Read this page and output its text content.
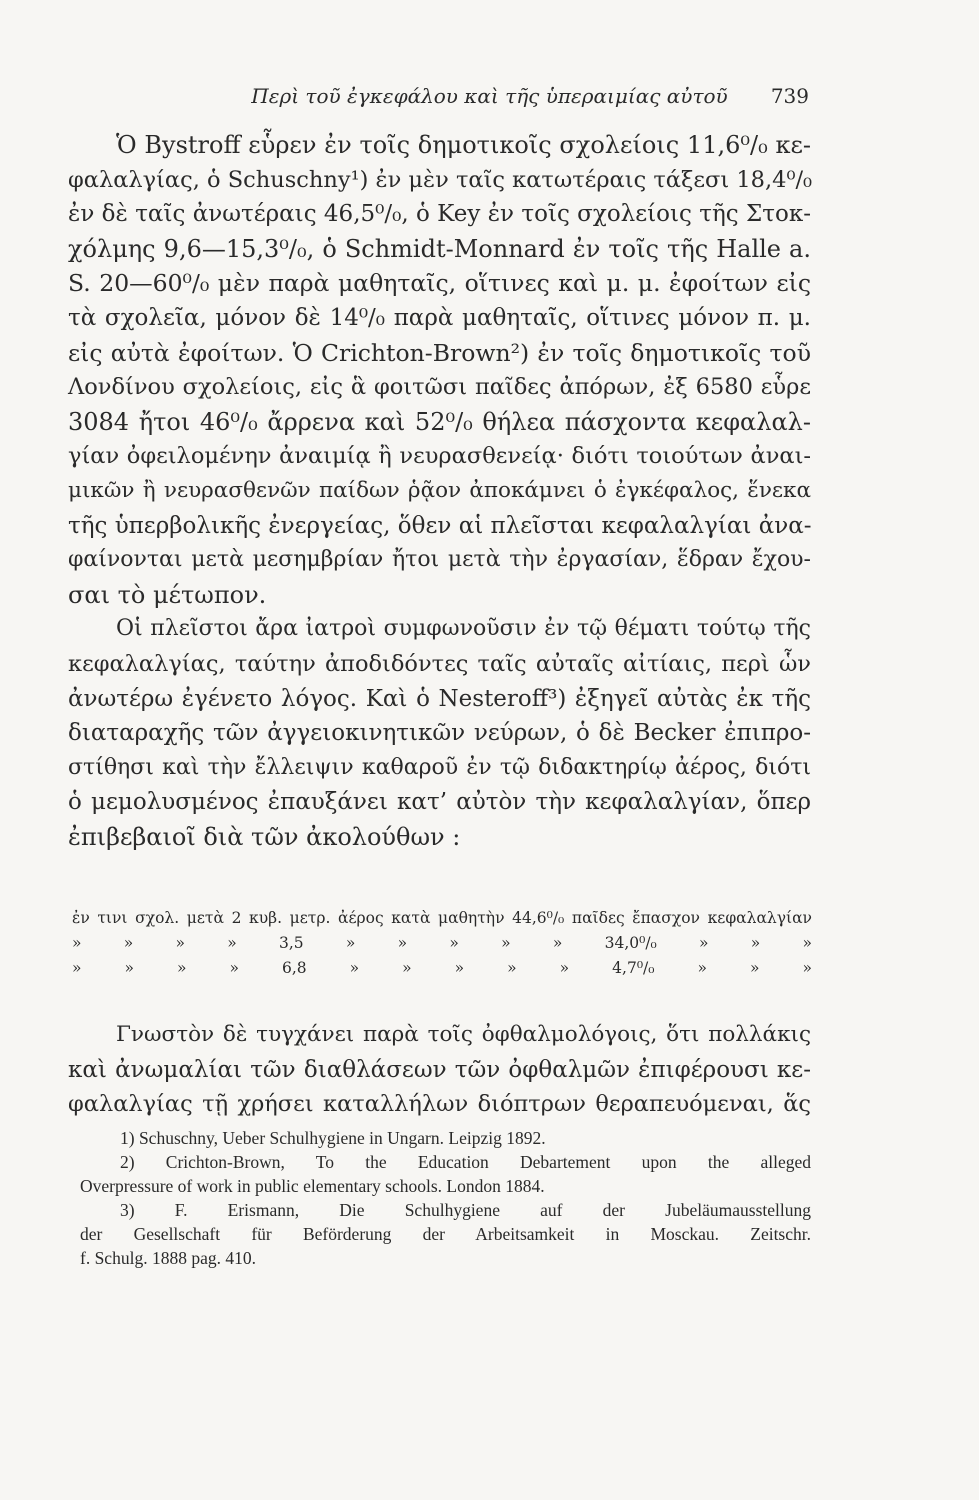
Περὶ τοῦ ἐγκεφάλου καὶ τῆς ὑπεραιμίας αὐτοῦ	739
Ὁ Bystroff εὗρεν ἐν τοῖς δημοτικοῖς σχολείοις 11,6⁰/₀ κε-
φαλαλγίας, ὁ Schuschny¹) ἐν μὲν ταῖς κατωτέραις τάξεσι 18,4⁰/₀
ἐν δὲ ταῖς ἀνωτέραις 46,5⁰/₀, ὁ Key ἐν τοῖς σχολείοις τῆς Στοκ-
χόλμης 9,6—15,3⁰/₀, ὁ Schmidt-Monnard ἐν τοῖς τῆς Halle a.
S. 20—60⁰/₀ μὲν παρὰ μαθηταῖς, οἵτινες καὶ μ. μ. ἐφοίτων εἰς
τὰ σχολεῖα, μόνον δὲ 14⁰/₀ παρὰ μαθηταῖς, οἵτινες μόνον π. μ.
εἰς αὐτὰ ἐφοίτων. Ὁ Crichton-Brown²) ἐν τοῖς δημοτικοῖς τοῦ
Λονδίνου σχολείοις, εἰς ἃ φοιτῶσι παῖδες ἀπόρων, ἐξ 6580 εὗρε
3084 ἤτοι 46⁰/₀ ἄρρενα καὶ 52⁰/₀ θήλεα πάσχοντα κεφαλαλ-
γίαν ὀφειλομένην ἀναιμίᾳ ἢ νευρασθενείᾳ· διότι τοιούτων ἀναι-
μικῶν ἢ νευρασθενῶν παίδων ῥᾷον ἀποκάμνει ὁ ἐγκέφαλος, ἕνεκα
τῆς ὑπερβολικῆς ἐνεργείας, ὅθεν αἱ πλεῖσται κεφαλαλγίαι ἀνα-
φαίνονται μετὰ μεσημβρίαν ἤτοι μετὰ τὴν ἐργασίαν, ἕδραν ἔχου-
σαι τὸ μέτωπον.
Οἱ πλεῖστοι ἄρα ἰατροὶ συμφωνοῦσιν ἐν τῷ θέματι τούτῳ τῆς
κεφαλαλγίας, ταύτην ἀποδιδόντες ταῖς αὐταῖς αἰτίαις, περὶ ὧν
ἀνωτέρω ἐγένετο λόγος. Καὶ ὁ Nesteroff³) ἐξηγεῖ αὐτὰς ἐκ τῆς
διαταραχῆς τῶν ἀγγειοκινητικῶν νεύρων, ὁ δὲ Becker ἐπιπρο-
στίθησι καὶ τὴν ἔλλειψιν καθαροῦ ἐν τῷ διδακτηρίῳ ἀέρος, διότι
ὁ μεμολυσμένος ἐπαυξάνει κατ’ αὐτὸν τὴν κεφαλαλγίαν, ὅπερ
ἐπιβεβαιοῖ διὰ τῶν ἀκολούθων :
ἐν τινι σχολ. μετὰ 2 κυβ. μετρ. ἀέρος κατὰ μαθητὴν 44,6⁰/₀ παῖδες ἔπασχον κεφαλαλγίαν
» » » » 3,5 » » » » » 34,0⁰/₀ » » »
» » » » 6,8 » » » » » 4,7⁰/₀ » » »
Γνωστὸν δὲ τυγχάνει παρὰ τοῖς ὀφθαλμολόγοις, ὅτι πολλάκις
καὶ ἀνωμαλίαι τῶν διαθλάσεων τῶν ὀφθαλμῶν ἐπιφέρουσι κε-
φαλαλγίας τῇ χρήσει καταλλήλων διόπτρων θεραπευόμεναι, ἅς
1) Schuschny, Ueber Schulhygiene in Ungarn. Leipzig 1892.
2) Crichton-Brown, To the Education Debartement upon the alleged
Overpressure of work in public elementary schools. London 1884.
3) F. Erismann, Die Schulhygiene auf der Jubeläumausstellung
der Gesellschaft für Beförderung der Arbeitsamkeit in Mosckau. Zeitschr.
f. Schulg. 1888 pag. 410.
